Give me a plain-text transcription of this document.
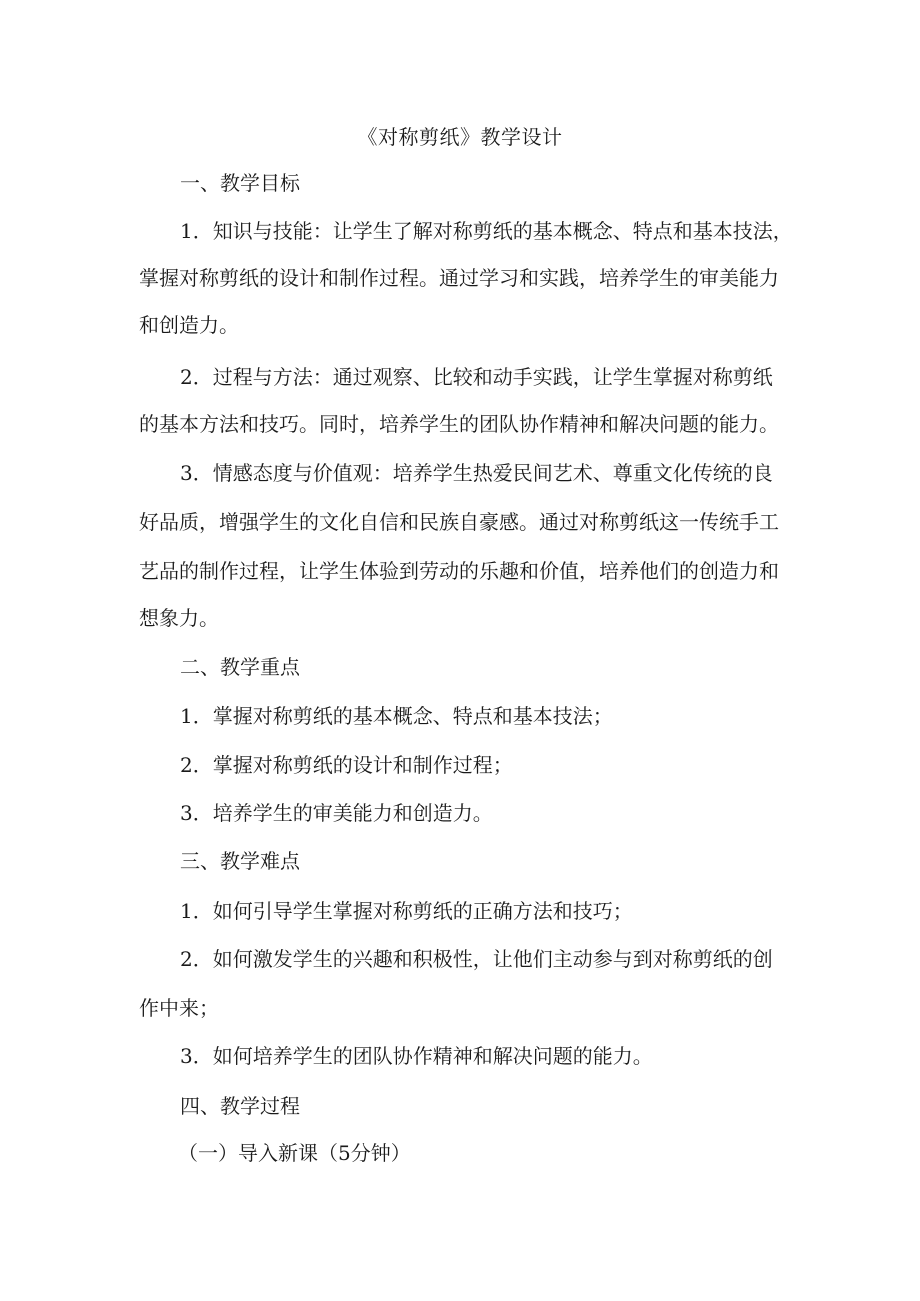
《对称剪纸》教学设计
一、教学目标
1．知识与技能：让学生了解对称剪纸的基本概念、特点和基本技法，
掌握对称剪纸的设计和制作过程。通过学习和实践，培养学生的审美能力
和创造力。
2．过程与方法：通过观察、比较和动手实践，让学生掌握对称剪纸
的基本方法和技巧。同时，培养学生的团队协作精神和解决问题的能力。
3．情感态度与价值观：培养学生热爱民间艺术、尊重文化传统的良
好品质，增强学生的文化自信和民族自豪感。通过对称剪纸这一传统手工
艺品的制作过程，让学生体验到劳动的乐趣和价值，培养他们的创造力和
想象力。
二、教学重点
1．掌握对称剪纸的基本概念、特点和基本技法；
2．掌握对称剪纸的设计和制作过程；
3．培养学生的审美能力和创造力。
三、教学难点
1．如何引导学生掌握对称剪纸的正确方法和技巧；
2．如何激发学生的兴趣和积极性，让他们主动参与到对称剪纸的创
作中来；
3．如何培养学生的团队协作精神和解决问题的能力。
四、教学过程
（一）导入新课（5分钟）
